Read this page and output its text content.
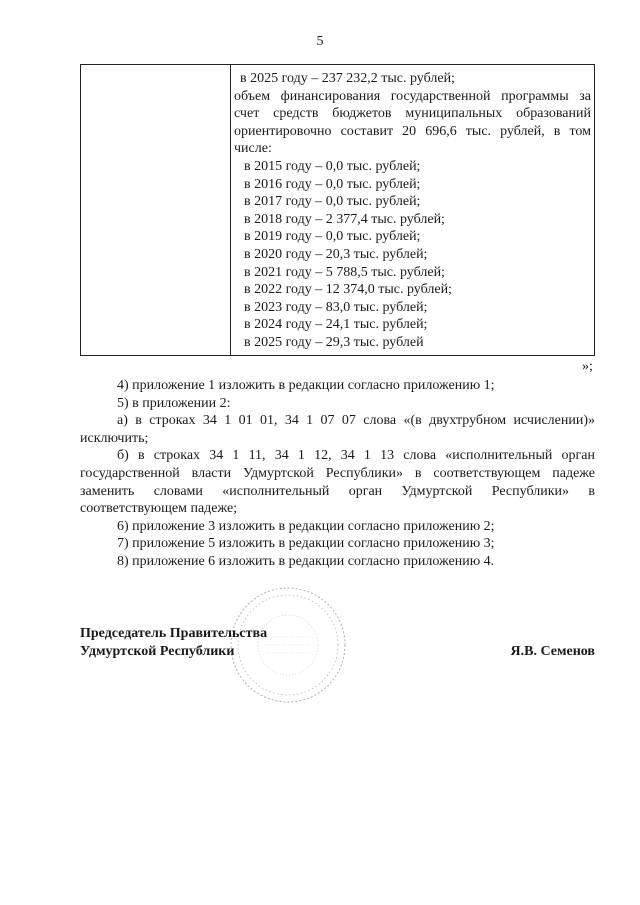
5
в 2025 году – 237 232,2 тыс. рублей;
объем финансирования государственной программы за счет средств бюджетов муниципальных образований ориентировочно составит 20 696,6 тыс. рублей, в том числе:
в 2015 году – 0,0 тыс. рублей;
в 2016 году – 0,0 тыс. рублей;
в 2017 году – 0,0 тыс. рублей;
в 2018 году – 2 377,4 тыс. рублей;
в 2019 году – 0,0 тыс. рублей;
в 2020 году – 20,3 тыс. рублей;
в 2021 году – 5 788,5 тыс. рублей;
в 2022 году – 12 374,0 тыс. рублей;
в 2023 году – 83,0 тыс. рублей;
в 2024 году – 24,1 тыс. рублей;
в 2025 году – 29,3 тыс. рублей
»;

4) приложение 1 изложить в редакции согласно приложению 1;

5) в приложении 2:

а) в строках 34 1 01 01, 34 1 07 07 слова «(в двухтрубном исчислении)» исключить;

б) в строках 34 1 11, 34 1 12, 34 1 13 слова «исполнительный орган государственной власти Удмуртской Республики» в соответствующем падеже заменить словами «исполнительный орган Удмуртской Республики» в соответствующем падеже;

6) приложение 3 изложить в редакции согласно приложению 2;

7) приложение 5 изложить в редакции согласно приложению 3;

8) приложение 6 изложить в редакции согласно приложению 4.

Председатель Правительства
Удмуртской Республики	Я.В. Семенов
